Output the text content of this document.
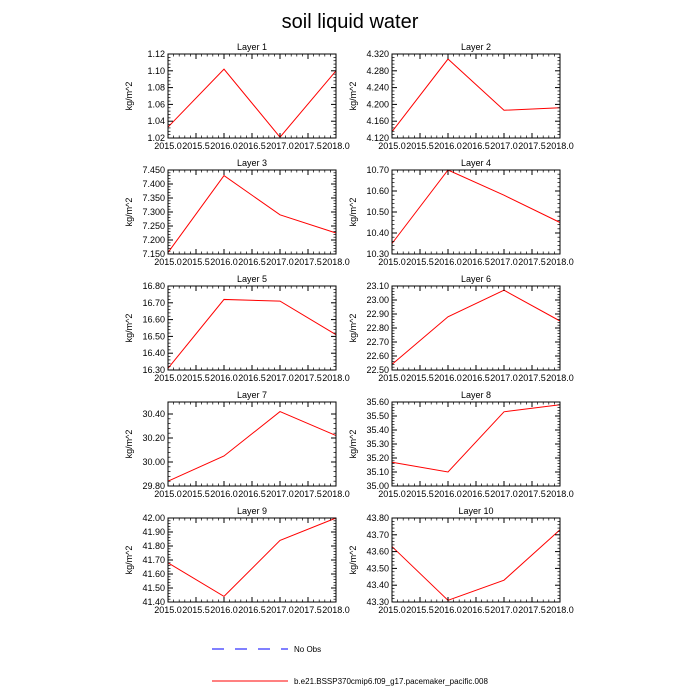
soil liquid water
Layer 1
1.02
1.04
1.06
1.08
1.10
1.12
2015.0 2015.5 2016.0 2016.5 2017.0 2017.5 2018.0
kg/m^2
Layer 2
4.120
4.160
4.200
4.240
4.280
4.320
2015.0 2015.5 2016.0 2016.5 2017.0 2017.5 2018.0
kg/m^2
Layer 3
7.150
7.200
7.250
7.300
7.350
7.400
7.450
2015.0 2015.5 2016.0 2016.5 2017.0 2017.5 2018.0
kg/m^2
Layer 4
10.30
10.40
10.50
10.60
10.70
2015.0 2015.5 2016.0 2016.5 2017.0 2017.5 2018.0
kg/m^2
Layer 5
16.30
16.40
16.50
16.60
16.70
16.80
2015.0 2015.5 2016.0 2016.5 2017.0 2017.5 2018.0
kg/m^2
Layer 6
22.50
22.60
22.70
22.80
22.90
23.00
23.10
2015.0 2015.5 2016.0 2016.5 2017.0 2017.5 2018.0
kg/m^2
Layer 7
29.80
30.00
30.20
30.40
2015.0 2015.5 2016.0 2016.5 2017.0 2017.5 2018.0
kg/m^2
Layer 8
35.00
35.10
35.20
35.30
35.40
35.50
35.60
2015.0 2015.5 2016.0 2016.5 2017.0 2017.5 2018.0
kg/m^2
Layer 9
41.40
41.50
41.60
41.70
41.80
41.90
42.00
2015.0 2015.5 2016.0 2016.5 2017.0 2017.5 2018.0
kg/m^2
Layer 10
43.30
43.40
43.50
43.60
43.70
43.80
2015.0 2015.5 2016.0 2016.5 2017.0 2017.5 2018.0
kg/m^2
No Obs
b.e21.BSSP370cmip6.f09_g17.pacemaker_pacific.008
